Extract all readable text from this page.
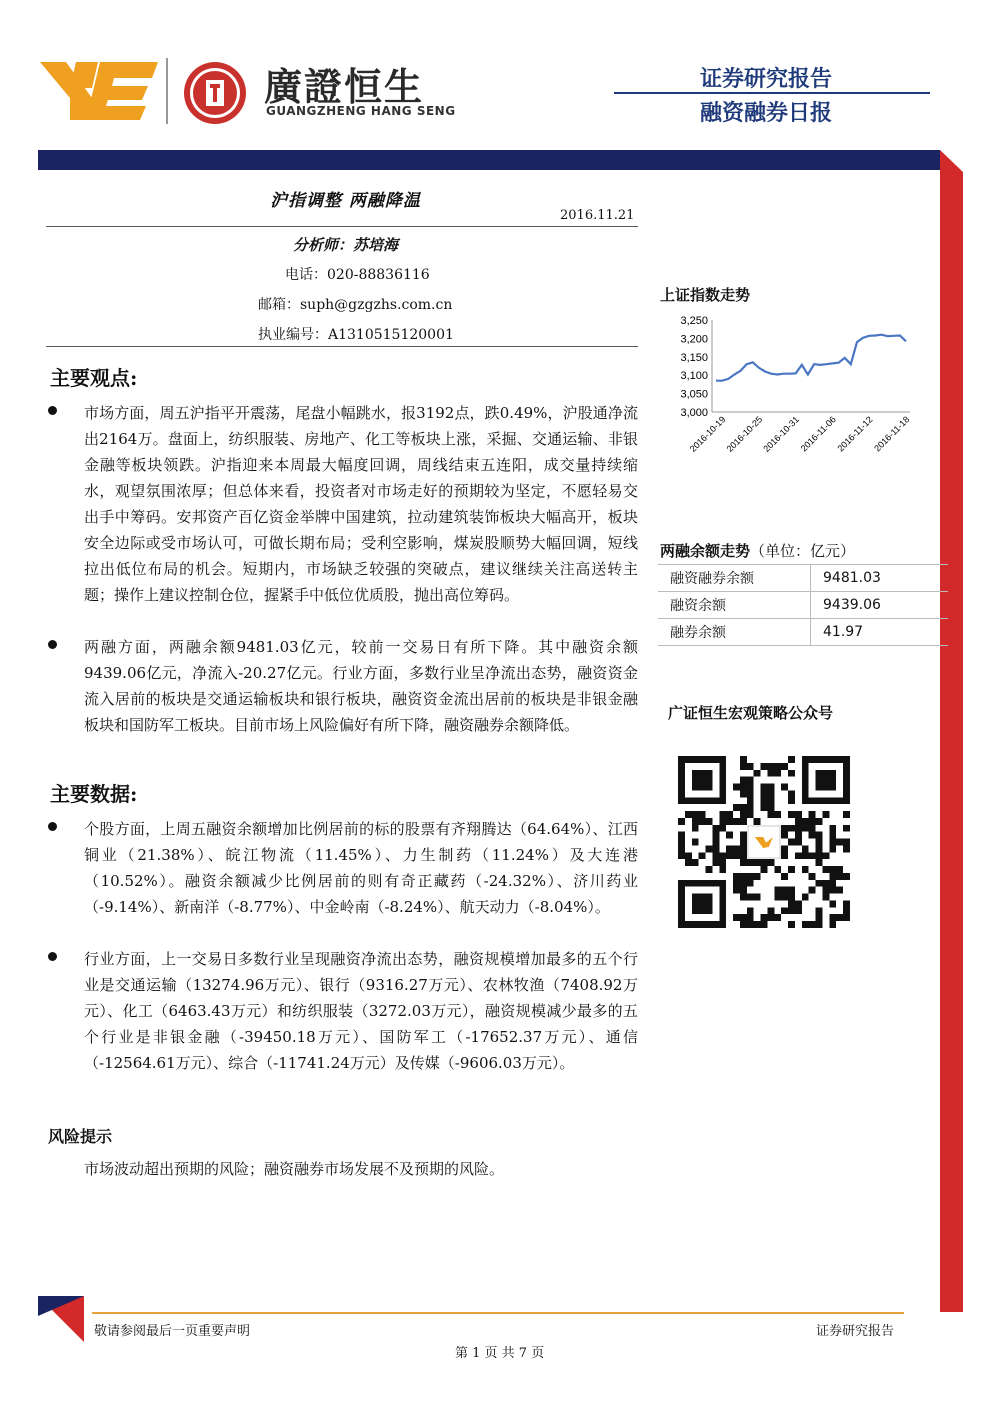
廣證恒生
GUANGZHENG HANG SENG
证券研究报告
融资融券日报
沪指调整 两融降温
2016.11.21
分析师：苏培海
电话：020-88836116
邮箱：suph@gzgzhs.com.cn
执业编号：A1310515120001
主要观点:
市场方面，周五沪指平开震荡，尾盘小幅跳水，报3192点，跌0.49%，沪股通净流出2164万。盘面上，纺织服装、房地产、化工等板块上涨，采掘、交通运输、非银金融等板块领跌。沪指迎来本周最大幅度回调，周线结束五连阳，成交量持续缩水，观望氛围浓厚；但总体来看，投资者对市场走好的预期较为坚定，不愿轻易交出手中筹码。安邦资产百亿资金举牌中国建筑，拉动建筑装饰板块大幅高开，板块安全边际或受市场认可，可做长期布局；受利空影响，煤炭股顺势大幅回调，短线拉出低位布局的机会。短期内，市场缺乏较强的突破点，建议继续关注高送转主题；操作上建议控制仓位，握紧手中低位优质股，抛出高位筹码。
两融方面，两融余额9481.03亿元，较前一交易日有所下降。其中融资余额9439.06亿元，净流入-20.27亿元。行业方面，多数行业呈净流出态势，融资资金流入居前的板块是交通运输板块和银行板块，融资资金流出居前的板块是非银金融板块和国防军工板块。目前市场上风险偏好有所下降，融资融券余额降低。
主要数据:
个股方面，上周五融资余额增加比例居前的标的股票有齐翔腾达（64.64%）、江西铜业（21.38%）、皖江物流（11.45%）、力生制药（11.24%）及大连港（10.52%）。融资余额减少比例居前的则有奇正藏药（-24.32%）、济川药业（-9.14%）、新南洋（-8.77%）、中金岭南（-8.24%）、航天动力（-8.04%）。
行业方面，上一交易日多数行业呈现融资净流出态势，融资规模增加最多的五个行业是交通运输（13274.96万元）、银行（9316.27万元）、农林牧渔（7408.92万元）、化工（6463.43万元）和纺织服装（3272.03万元），融资规模减少最多的五个行业是非银金融（-39450.18万元）、国防军工（-17652.37万元）、通信（-12564.61万元）、综合（-11741.24万元）及传媒（-9606.03万元）。
风险提示
市场波动超出预期的风险；融资融券市场发展不及预期的风险。
上证指数走势
3,000
3,050
3,100
3,150
3,200
3,250
2016-10-19
2016-10-25
2016-10-31
2016-11-06
2016-11-12
2016-11-18
两融余额走势（单位：亿元）
融资融券余额	9481.03
融资余额	9439.06
融券余额	41.97
广证恒生宏观策略公众号
敬请参阅最后一页重要声明	证券研究报告
第 1 页 共 7 页
